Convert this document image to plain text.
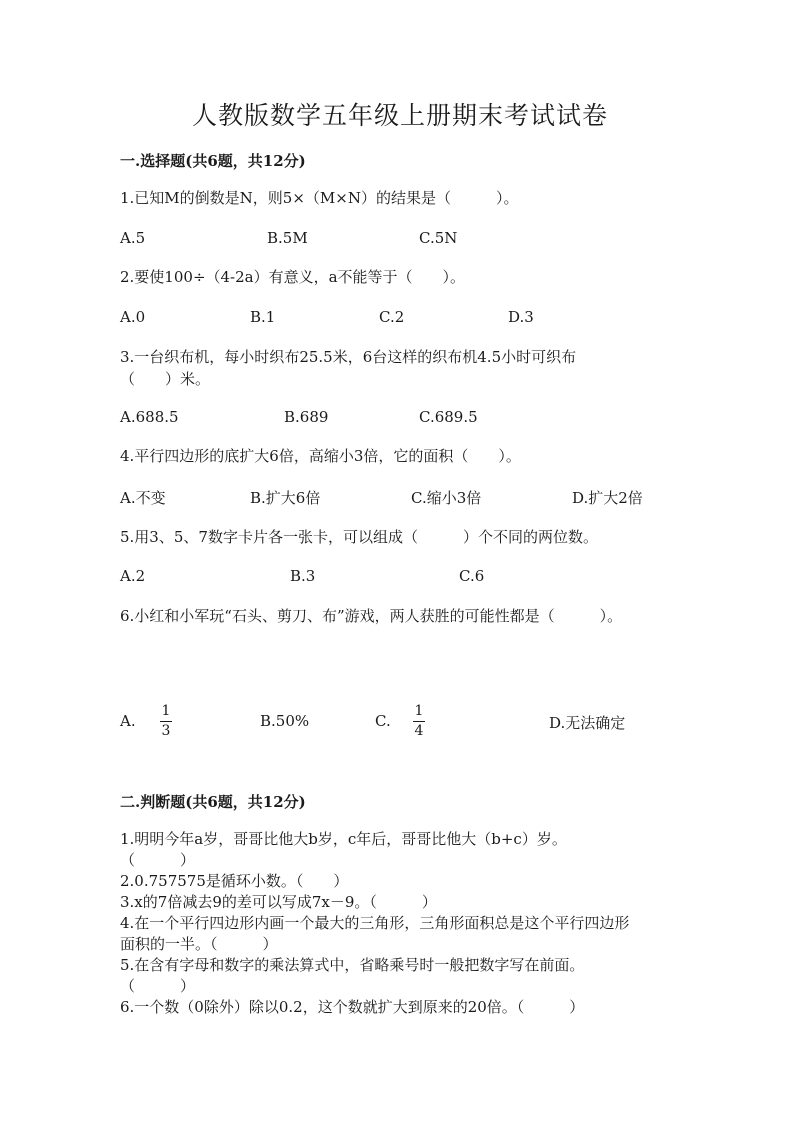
人教版数学五年级上册期末考试试卷
一.选择题(共6题，共12分)
1.已知M的倒数是N，则5×（M×N）的结果是（　　　）。
A.5	B.5M	C.5N
2.要使100÷（4-2a）有意义，a不能等于（　　）。
A.0	B.1	C.2	D.3
3.一台织布机，每小时织布25.5米，6台这样的织布机4.5小时可织布
（　　）米。
A.688.5	B.689	C.689.5
4.平行四边形的底扩大6倍，高缩小3倍，它的面积（　　）。
A.不变	B.扩大6倍	C.缩小3倍	D.扩大2倍
5.用3、5、7数字卡片各一张卡，可以组成（　　　）个不同的两位数。
A.2	B.3	C.6
6.小红和小军玩“石头、剪刀、布”游戏，两人获胜的可能性都是（　　　）。
A.
1
3
B.50%	C.
1
4	D.无法确定
二.判断题(共6题，共12分)
1.明明今年a岁，哥哥比他大b岁，c年后，哥哥比他大（b+c）岁。
（　　　）
2.0.757575是循环小数。（　　）
3.x的7倍减去9的差可以写成7x－9。（　　　）
4.在一个平行四边形内画一个最大的三角形，三角形面积总是这个平行四边形
面积的一半。（　　　）
5.在含有字母和数字的乘法算式中，省略乘号时一般把数字写在前面。
（　　　）
6.一个数（0除外）除以0.2，这个数就扩大到原来的20倍。（　　　）
